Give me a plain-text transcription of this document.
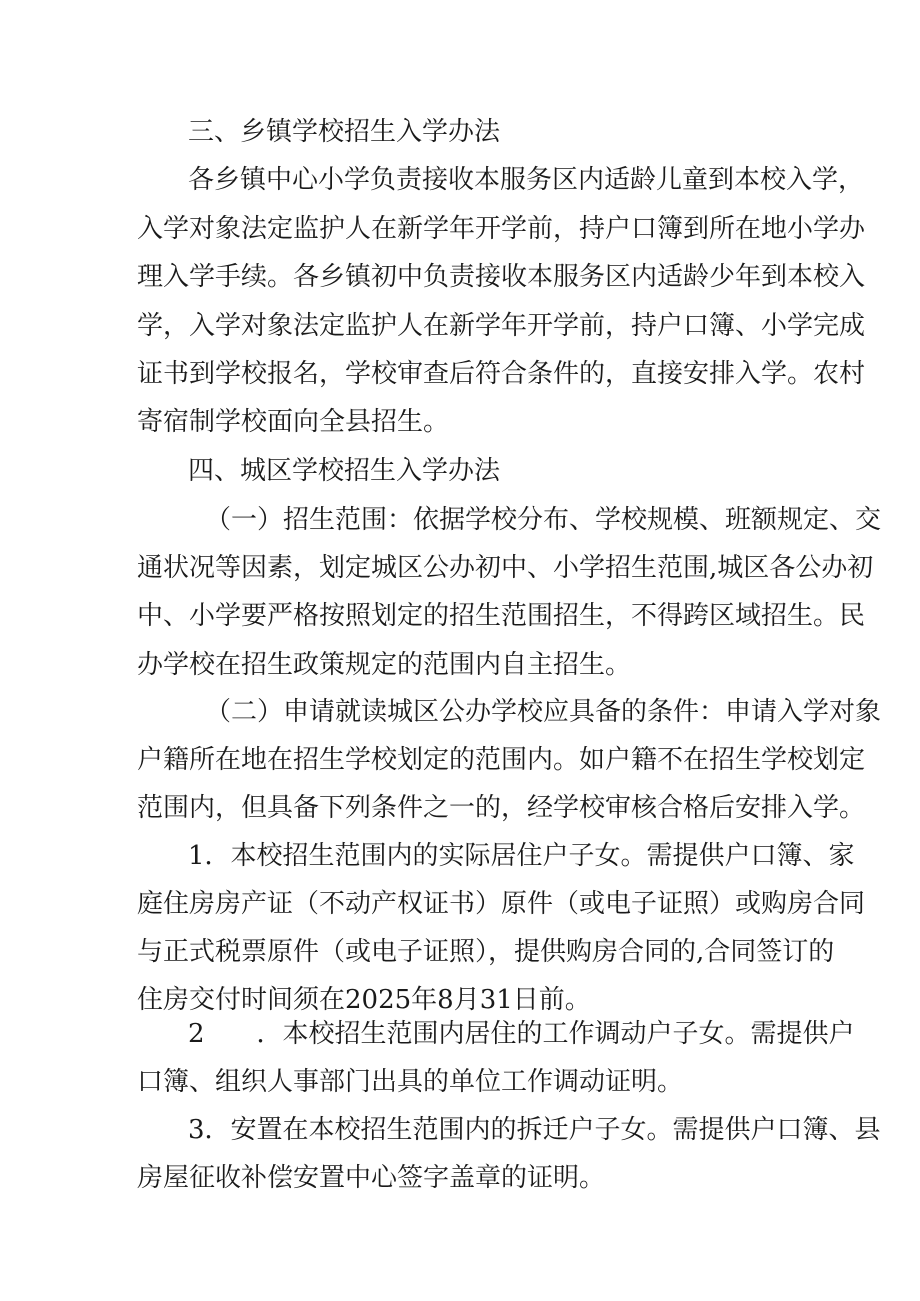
三、乡镇学校招生入学办法
各乡镇中心小学负责接收本服务区内适龄儿童到本校入学，
入学对象法定监护人在新学年开学前，持户口簿到所在地小学办
理入学手续。各乡镇初中负责接收本服务区内适龄少年到本校入
学，入学对象法定监护人在新学年开学前，持户口簿、小学完成
证书到学校报名，学校审查后符合条件的，直接安排入学。农村
寄宿制学校面向全县招生。
四、城区学校招生入学办法
（一）招生范围：依据学校分布、学校规模、班额规定、交
通状况等因素，划定城区公办初中、小学招生范围,城区各公办初
中、小学要严格按照划定的招生范围招生，不得跨区域招生。民
办学校在招生政策规定的范围内自主招生。
（二）申请就读城区公办学校应具备的条件：申请入学对象
户籍所在地在招生学校划定的范围内。如户籍不在招生学校划定
范围内，但具备下列条件之一的，经学校审核合格后安排入学。
1．本校招生范围内的实际居住户子女。需提供户口簿、家
庭住房房产证（不动产权证书）原件（或电子证照）或购房合同
与正式税票原件（或电子证照），提供购房合同的,合同签订的
住房交付时间须在2025年8月31日前。
2　　．本校招生范围内居住的工作调动户子女。需提供户
口簿、组织人事部门出具的单位工作调动证明。
3．安置在本校招生范围内的拆迁户子女。需提供户口簿、县
房屋征收补偿安置中心签字盖章的证明。
